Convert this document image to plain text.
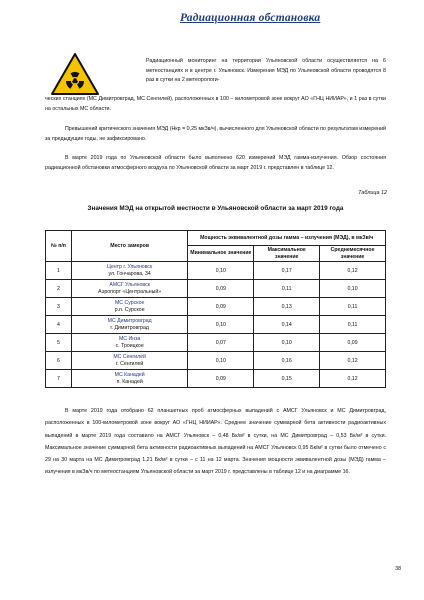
Радиационная обстановка
Радиационный мониторинг на территории Ульяновской области осуществляется на 6 метеостанциях и в центре г. Ульяновск. Измерения МЭД по Ульяновской области проводятся 8 раз в сутки на 2 метеорологи-
ческих станциях (МС Димитровград, МС Сенгилей), расположенных в 100 – километровой зоне вокруг АО «ГНЦ НИИАР», и 1 раз в сутки на остальных МС области.
Превышений критического значения МЭД (Нкр = 0,25 мкЗв/ч), вычисленного для Ульяновской области по результатам измерений за предыдущие годы, не зафиксировано.
В марте 2019 года по Ульяновской области было выполнено 620 измерений МЭД гамма-излучения. Обзор состояния радиационной обстановки атмосферного воздуха по Ульяновской области за март 2019 г. представлен в таблице 12.
Таблица 12
Значения МЭД на открытой местности в Ульяновской области за март 2019 года
№ п/п	Место замеров	Мощность эквивалентной дозы гамма – излучения (МЭД), в мкЗв/ч		
		Минимальное значение	Максимальное значение	Среднемесячное значение
1	Центр г. Ульяновск
ул. Гончарова, 34	0,10	0,17	0,12
2	АМСГ Ульяновск
Аэропорт «Центральный»	0,09	0,11	0,10
3	МС Сурское
р.п. Сурское	0,09	0,13	0,11
4	МС Димитровград
г. Димитровград	0,10	0,14	0,11
5	МС Инза
с. Троицкое	0,07	0,10	0,09
6	МС Сенгилей
г. Сенгилей	0,10	0,16	0,12
7	МС Канадей
п. Канадей	0,09	0,15	0,12
В марте 2019 года отобрано 62 планшетных проб атмосферных выпадений с АМСГ Ульяновск и МС Димитровград, расположенных в 100-километровой зоне вокруг АО «ГНЦ НИИАР». Среднее значение суммарной бета активности радиоактивных выпадений в марте 2019 года составило на АМСГ Ульяновск – 0,48 Бк/м² в сутки, на МС Димитровград – 0,53 Бк/м² в сутки. Максимальное значение суммарной бета активности радиоактивных выпадений на АМСГ Ульяновск 0,95 Бк/м² в сутки было отмечено с 29 на 30 марта на МС Димитровград 1,21 Бк/м² в сутки – с 11 на 12 марта. Значения мощности эквивалентной дозы (МЭД) гамма – излучения в мкЗв/ч по метеостанциям Ульяновской области за март 2019 г. представлены в таблице 12 и на диаграмме 16.
38
